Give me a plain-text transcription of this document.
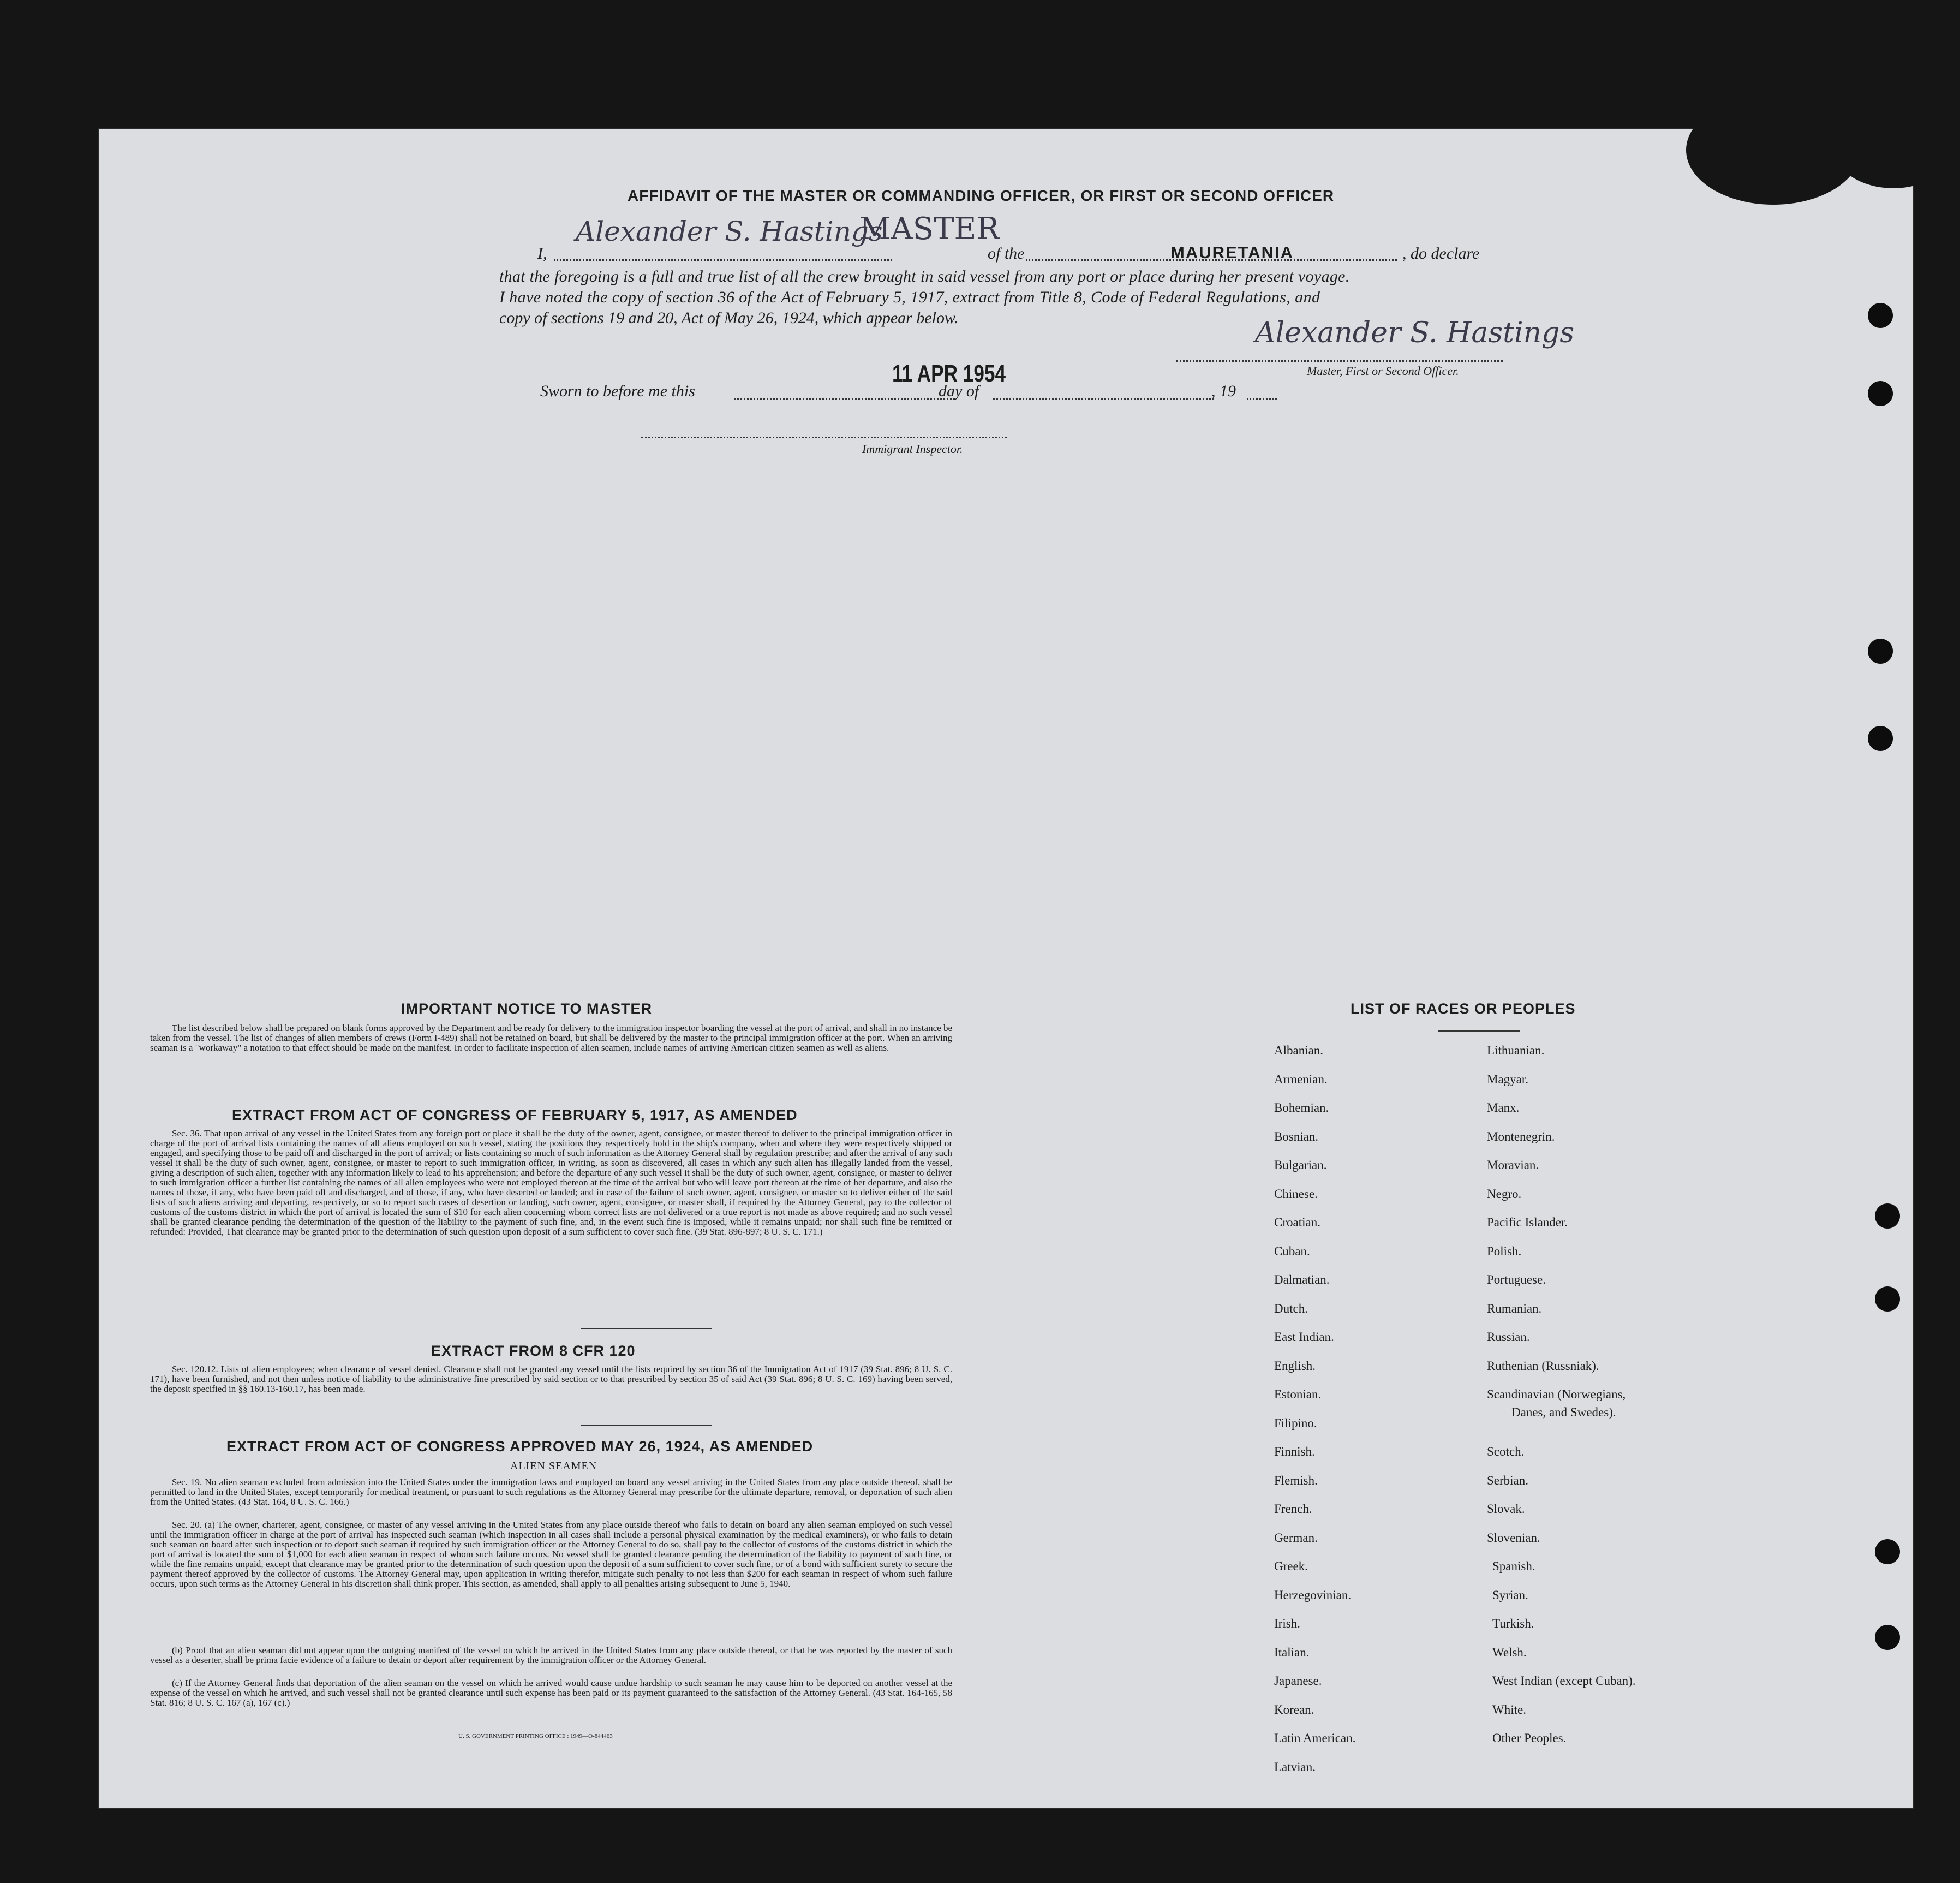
AFFIDAVIT OF THE MASTER OR COMMANDING OFFICER, OR FIRST OR SECOND OFFICER
I,
Alexander S. Hastings
MASTER
of the	MAURETANIA	, do declare
that the foregoing is a full and true list of all the crew brought in said vessel from any port or place during her present voyage.
I have noted the copy of section 36 of the Act of February 5, 1917, extract from Title 8, Code of Federal Regulations, and
copy of sections 19 and 20, Act of May 26, 1924, which appear below.	Alexander S. Hastings
Master, First or Second Officer.
Sworn to before me this
11 APR 1954
day of	, 19
Immigrant Inspector.
IMPORTANT NOTICE TO MASTER
The list described below shall be prepared on blank forms approved by the Department and be ready for delivery to the immigration inspector boarding the vessel at the port of arrival, and shall in no instance be taken from the vessel. The list of changes of alien members of crews (Form I-489) shall not be retained on board, but shall be delivered by the master to the principal immigration officer at the port. When an arriving seaman is a "workaway" a notation to that effect should be made on the manifest. In order to facilitate inspection of alien seamen, include names of arriving American citizen seamen as well as aliens.
EXTRACT FROM ACT OF CONGRESS OF FEBRUARY 5, 1917, AS AMENDED
Sec. 36. That upon arrival of any vessel in the United States from any foreign port or place it shall be the duty of the owner, agent, consignee, or master thereof to deliver to the principal immigration officer in charge of the port of arrival lists containing the names of all aliens employed on such vessel, stating the positions they respectively hold in the ship's company, when and where they were respectively shipped or engaged, and specifying those to be paid off and discharged in the port of arrival; or lists containing so much of such information as the Attorney General shall by regulation prescribe; and after the arrival of any such vessel it shall be the duty of such owner, agent, consignee, or master to report to such immigration officer, in writing, as soon as discovered, all cases in which any such alien has illegally landed from the vessel, giving a description of such alien, together with any information likely to lead to his apprehension; and before the departure of any such vessel it shall be the duty of such owner, agent, consignee, or master to deliver to such immigration officer a further list containing the names of all alien employees who were not employed thereon at the time of the arrival but who will leave port thereon at the time of her departure, and also the names of those, if any, who have been paid off and discharged, and of those, if any, who have deserted or landed; and in case of the failure of such owner, agent, consignee, or master so to deliver either of the said lists of such aliens arriving and departing, respectively, or so to report such cases of desertion or landing, such owner, agent, consignee, or master shall, if required by the Attorney General, pay to the collector of customs of the customs district in which the port of arrival is located the sum of $10 for each alien concerning whom correct lists are not delivered or a true report is not made as above required; and no such vessel shall be granted clearance pending the determination of the question of the liability to the payment of such fine, and, in the event such fine is imposed, while it remains unpaid; nor shall such fine be remitted or refunded: Provided, That clearance may be granted prior to the determination of such question upon deposit of a sum sufficient to cover such fine. (39 Stat. 896-897; 8 U. S. C. 171.)
EXTRACT FROM 8 CFR 120
Sec. 120.12. Lists of alien employees; when clearance of vessel denied. Clearance shall not be granted any vessel until the lists required by section 36 of the Immigration Act of 1917 (39 Stat. 896; 8 U. S. C. 171), have been furnished, and not then unless notice of liability to the administrative fine prescribed by said section or to that prescribed by section 35 of said Act (39 Stat. 896; 8 U. S. C. 169) having been served, the deposit specified in §§ 160.13-160.17, has been made.
EXTRACT FROM ACT OF CONGRESS APPROVED MAY 26, 1924, AS AMENDED
ALIEN SEAMEN
Sec. 19. No alien seaman excluded from admission into the United States under the immigration laws and employed on board any vessel arriving in the United States from any place outside thereof, shall be permitted to land in the United States, except temporarily for medical treatment, or pursuant to such regulations as the Attorney General may prescribe for the ultimate departure, removal, or deportation of such alien from the United States. (43 Stat. 164, 8 U. S. C. 166.)
Sec. 20. (a) The owner, charterer, agent, consignee, or master of any vessel arriving in the United States from any place outside thereof who fails to detain on board any alien seaman employed on such vessel until the immigration officer in charge at the port of arrival has inspected such seaman (which inspection in all cases shall include a personal physical examination by the medical examiners), or who fails to detain such seaman on board after such inspection or to deport such seaman if required by such immigration officer or the Attorney General to do so, shall pay to the collector of customs of the customs district in which the port of arrival is located the sum of $1,000 for each alien seaman in respect of whom such failure occurs. No vessel shall be granted clearance pending the determination of the liability to payment of such fine, or while the fine remains unpaid, except that clearance may be granted prior to the determination of such question upon the deposit of a sum sufficient to cover such fine, or of a bond with sufficient surety to secure the payment thereof approved by the collector of customs. The Attorney General may, upon application in writing therefor, mitigate such penalty to not less than $200 for each seaman in respect of whom such failure occurs, upon such terms as the Attorney General in his discretion shall think proper. This section, as amended, shall apply to all penalties arising subsequent to June 5, 1940.
(b) Proof that an alien seaman did not appear upon the outgoing manifest of the vessel on which he arrived in the United States from any place outside thereof, or that he was reported by the master of such vessel as a deserter, shall be prima facie evidence of a failure to detain or deport after requirement by the immigration officer or the Attorney General.
(c) If the Attorney General finds that deportation of the alien seaman on the vessel on which he arrived would cause undue hardship to such seaman he may cause him to be deported on another vessel at the expense of the vessel on which he arrived, and such vessel shall not be granted clearance until such expense has been paid or its payment guaranteed to the satisfaction of the Attorney General. (43 Stat. 164-165, 58 Stat. 816; 8 U. S. C. 167 (a), 167 (c).)
U. S. GOVERNMENT PRINTING OFFICE : 1949—O-844463
LIST OF RACES OR PEOPLES
Albanian.
Armenian.
Bohemian.
Bosnian.
Bulgarian.
Chinese.
Croatian.
Cuban.
Dalmatian.
Dutch.
East Indian.
English.
Estonian.
Filipino.
Finnish.
Flemish.
French.
German.
Greek.
Herzegovinian.
Irish.
Italian.
Japanese.
Korean.
Latin American.
Latvian.
Lithuanian.
Magyar.
Manx.
Montenegrin.
Moravian.
Negro.
Pacific Islander.
Polish.
Portuguese.
Rumanian.
Russian.
Ruthenian (Russniak).
Scandinavian (Norwegians,
Danes, and Swedes).
Scotch.
Serbian.
Slovak.
Slovenian.
Spanish.
Syrian.
Turkish.
Welsh.
West Indian (except Cuban).
White.
Other Peoples.
